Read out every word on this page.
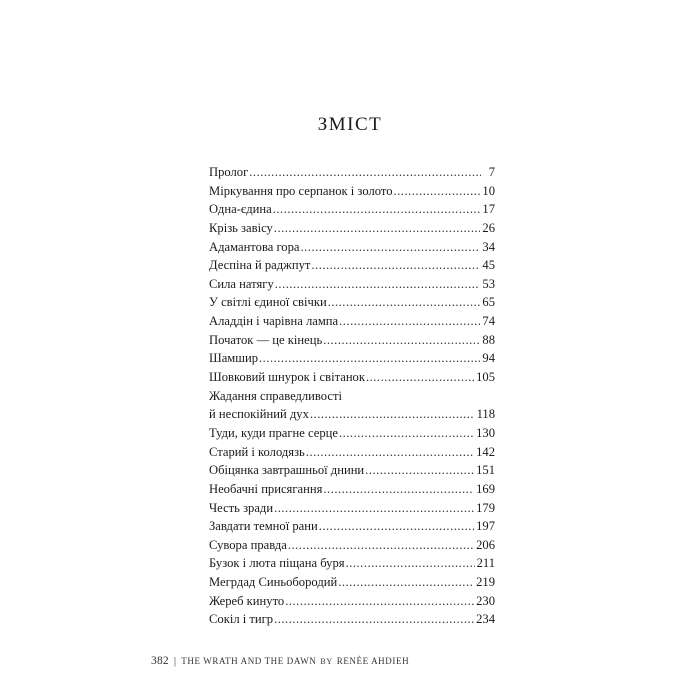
ЗМІСТ
Пролог .....	7
Міркування про серпанок і золото .....	10
Одна-єдина .....	17
Крізь завісу .....	26
Адамантова гора .....	34
Деспіна й раджпут .....	45
Сила натягу .....	53
У світлі єдиної свічки .....	65
Аладдін і чарівна лампа .....	74
Початок — це кінець .....	88
Шамшир .....	94
Шовковий шнурок і світанок .....	105
Жадання справедливості
й неспокійний дух .....	118
Туди, куди прагне серце .....	130
Старий і колодязь .....	142
Обіцянка завтрашньої днини .....	151
Необачні присягання .....	169
Честь зради .....	179
Завдати темної рани .....	197
Сувора правда .....	206
Бузок і люта піщана буря .....	211
Мегрдад Синьобородий .....	219
Жереб кинуто .....	230
Сокіл і тигр .....	234
382 | THE WRATH AND THE DAWN BY RENÉE AHDIEH
